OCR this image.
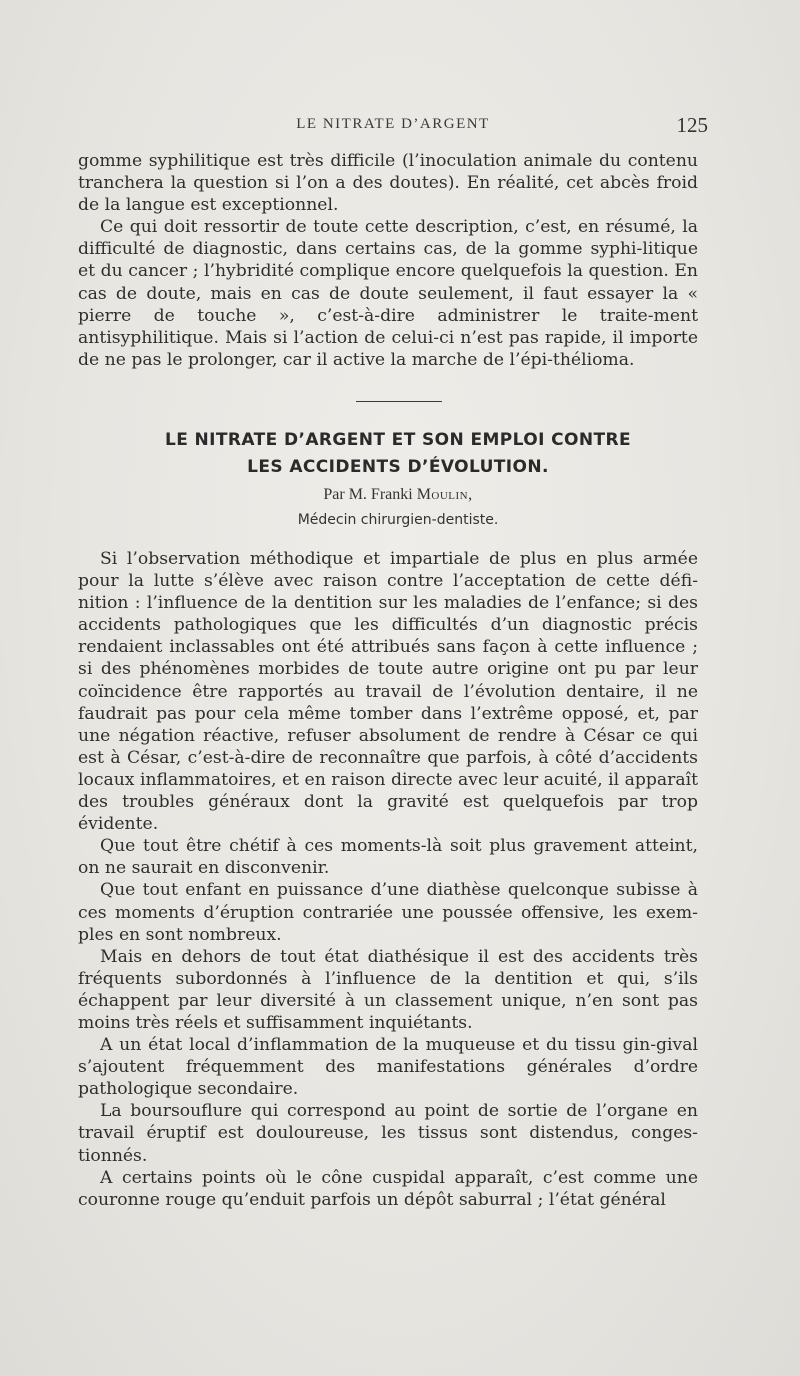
LE NITRATE D’ARGENT	125

gomme syphilitique est très difficile (l’inoculation animale du contenu tranchera la question si l’on a des doutes). En réalité, cet abcès froid de la langue est exceptionnel.

Ce qui doit ressortir de toute cette description, c’est, en résumé, la difficulté de diagnostic, dans certains cas, de la gomme syphi-litique et du cancer ; l’hybridité complique encore quelquefois la question. En cas de doute, mais en cas de doute seulement, il faut essayer la « pierre de touche », c’est-à-dire administrer le traite-ment antisyphilitique. Mais si l’action de celui-ci n’est pas rapide, il importe de ne pas le prolonger, car il active la marche de l’épi-thélioma.

LE NITRATE D’ARGENT ET SON EMPLOI CONTRE
LES ACCIDENTS D’ÉVOLUTION.
Par M. Franki Moulin,
Médecin chirurgien-dentiste.

Si l’observation méthodique et impartiale de plus en plus armée pour la lutte s’élève avec raison contre l’acceptation de cette défi-nition : l’influence de la dentition sur les maladies de l’enfance; si des accidents pathologiques que les difficultés d’un diagnostic précis rendaient inclassables ont été attribués sans façon à cette influence ; si des phénomènes morbides de toute autre origine ont pu par leur coïncidence être rapportés au travail de l’évolution dentaire, il ne faudrait pas pour cela même tomber dans l’extrême opposé, et, par une négation réactive, refuser absolument de rendre à César ce qui est à César, c’est-à-dire de reconnaître que parfois, à côté d’accidents locaux inflammatoires, et en raison directe avec leur acuité, il apparaît des troubles généraux dont la gravité est quelquefois par trop évidente.

Que tout être chétif à ces moments-là soit plus gravement atteint, on ne saurait en disconvenir.

Que tout enfant en puissance d’une diathèse quelconque subisse à ces moments d’éruption contrariée une poussée offensive, les exem-ples en sont nombreux.

Mais en dehors de tout état diathésique il est des accidents très fréquents subordonnés à l’influence de la dentition et qui, s’ils échappent par leur diversité à un classement unique, n’en sont pas moins très réels et suffisamment inquiétants.

A un état local d’inflammation de la muqueuse et du tissu gin-gival s’ajoutent fréquemment des manifestations générales d’ordre pathologique secondaire.

La boursouflure qui correspond au point de sortie de l’organe en travail éruptif est douloureuse, les tissus sont distendus, conges-tionnés.

A certains points où le cône cuspidal apparaît, c’est comme une couronne rouge qu’enduit parfois un dépôt saburral ; l’état général
